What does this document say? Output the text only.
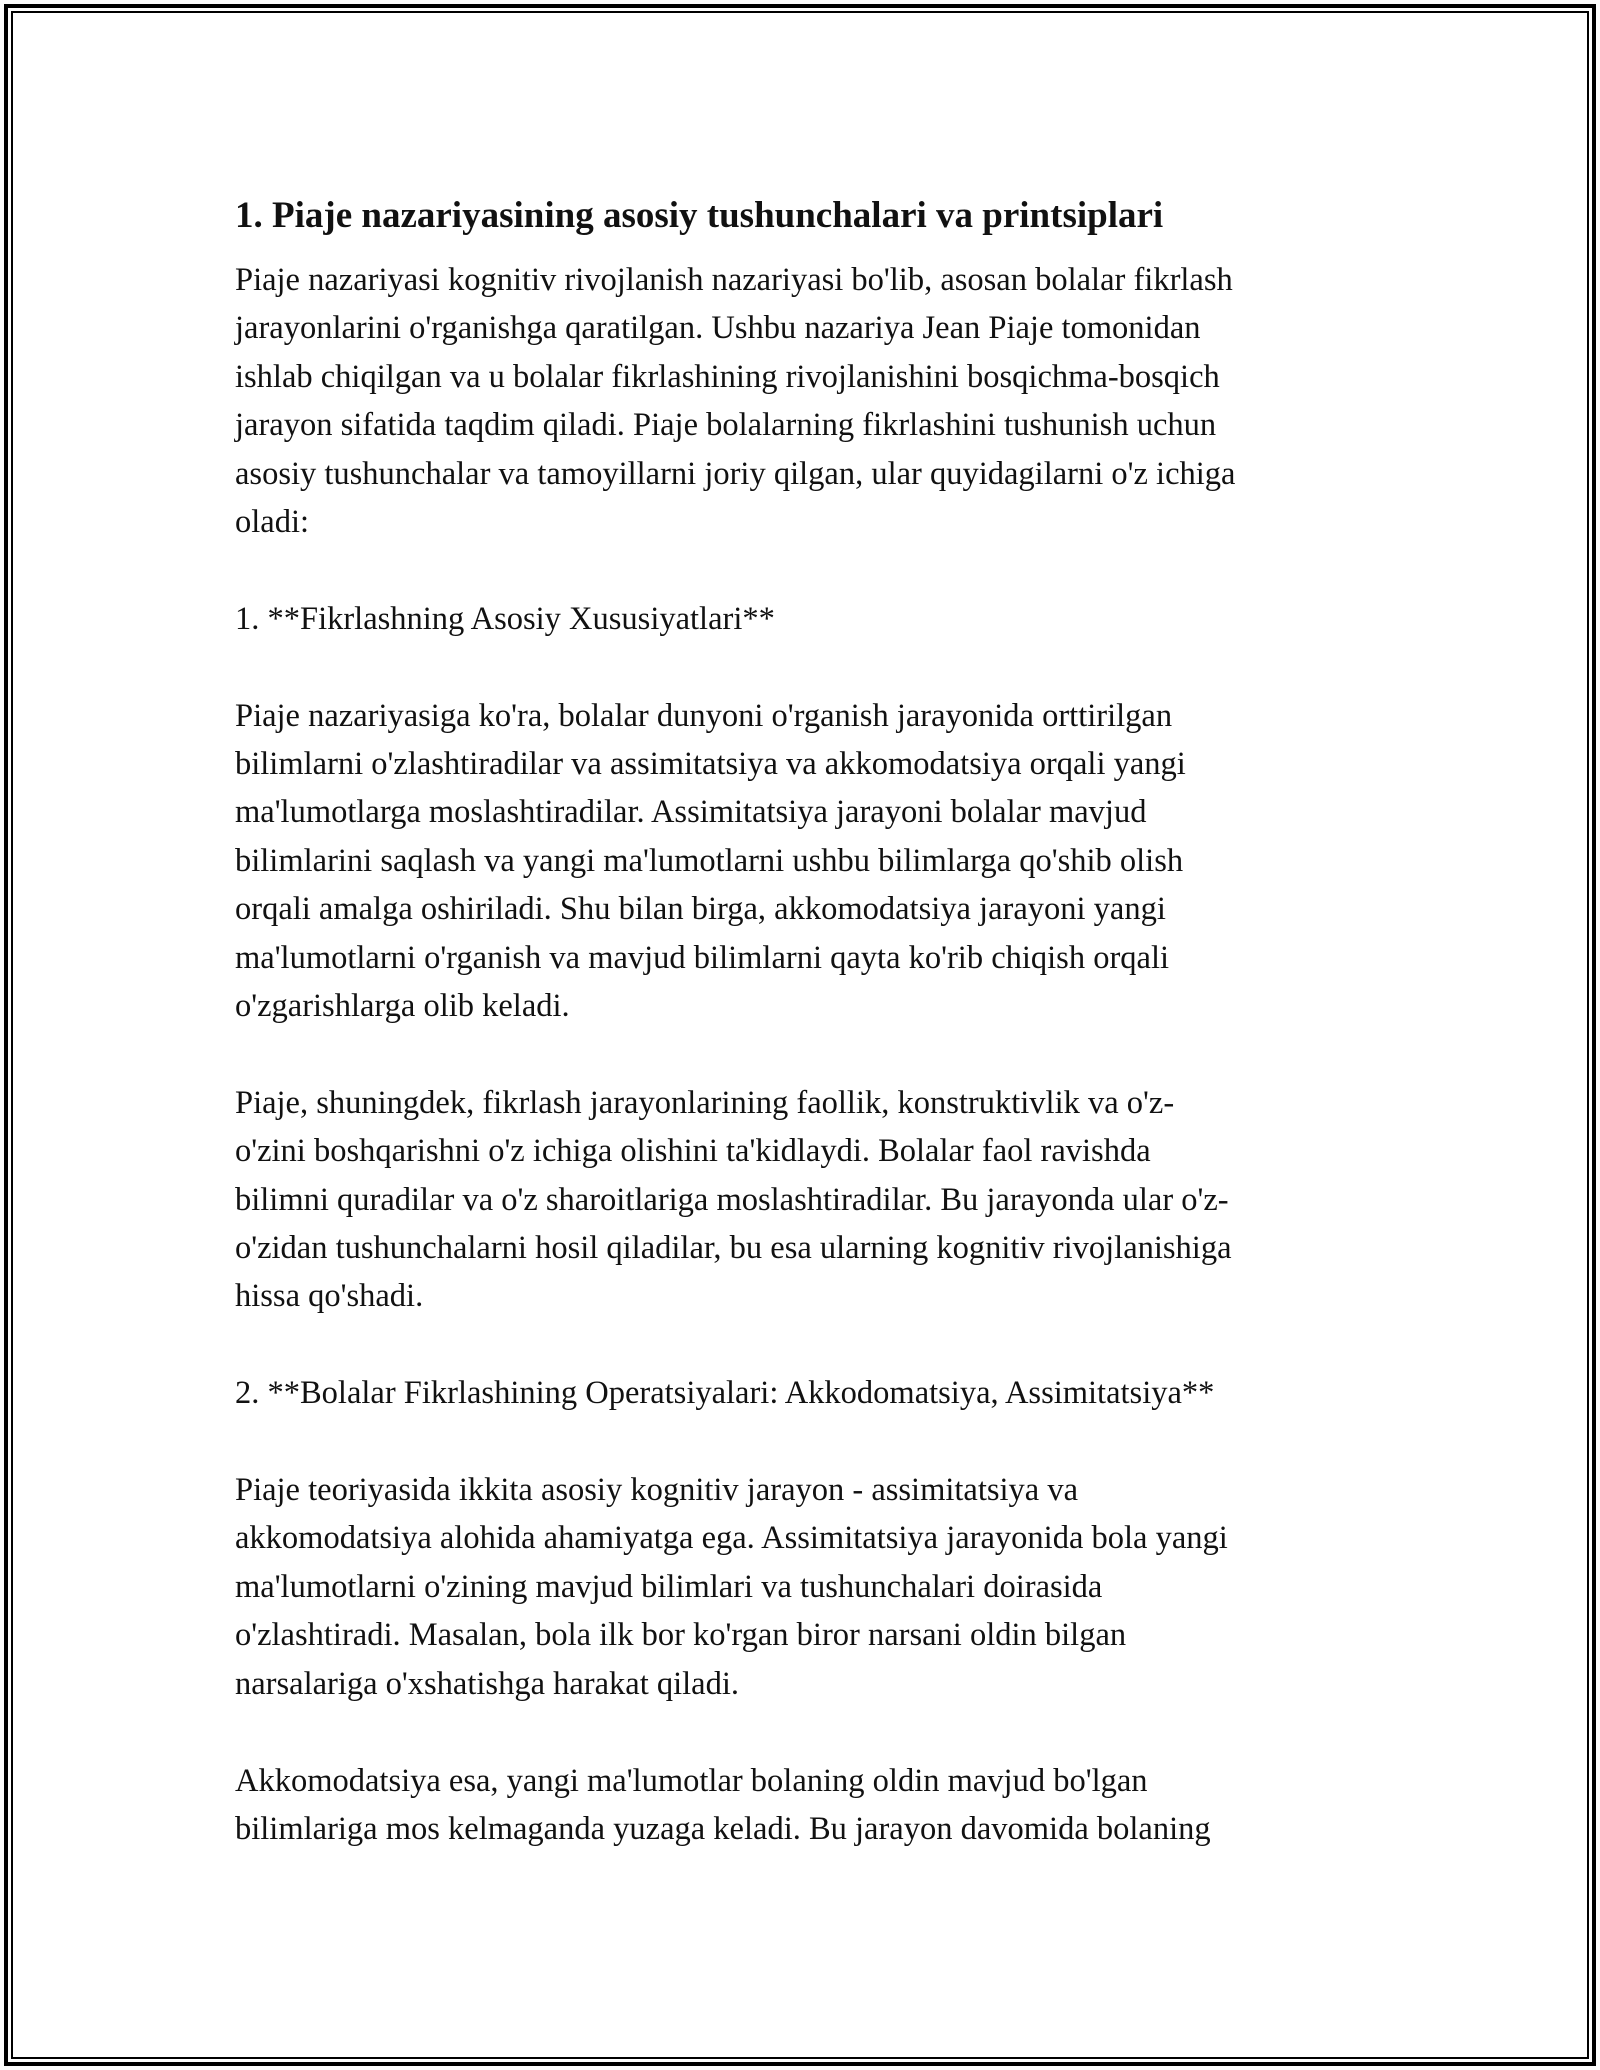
1. Piaje nazariyasining asosiy tushunchalari va printsiplari

Piaje nazariyasi kognitiv rivojlanish nazariyasi bo'lib, asosan bolalar fikrlash
jarayonlarini o'rganishga qaratilgan. Ushbu nazariya Jean Piaje tomonidan
ishlab chiqilgan va u bolalar fikrlashining rivojlanishini bosqichma-bosqich
jarayon sifatida taqdim qiladi. Piaje bolalarning fikrlashini tushunish uchun
asosiy tushunchalar va tamoyillarni joriy qilgan, ular quyidagilarni o'z ichiga
oladi:

1. **Fikrlashning Asosiy Xususiyatlari**

Piaje nazariyasiga ko'ra, bolalar dunyoni o'rganish jarayonida orttirilgan
bilimlarni o'zlashtiradilar va assimitatsiya va akkomodatsiya orqali yangi
ma'lumotlarga moslashtiradilar. Assimitatsiya jarayoni bolalar mavjud
bilimlarini saqlash va yangi ma'lumotlarni ushbu bilimlarga qo'shib olish
orqali amalga oshiriladi. Shu bilan birga, akkomodatsiya jarayoni yangi
ma'lumotlarni o'rganish va mavjud bilimlarni qayta ko'rib chiqish orqali
o'zgarishlarga olib keladi.

Piaje, shuningdek, fikrlash jarayonlarining faollik, konstruktivlik va o'z-
o'zini boshqarishni o'z ichiga olishini ta'kidlaydi. Bolalar faol ravishda
bilimni quradilar va o'z sharoitlariga moslashtiradilar. Bu jarayonda ular o'z-
o'zidan tushunchalarni hosil qiladilar, bu esa ularning kognitiv rivojlanishiga
hissa qo'shadi.

2. **Bolalar Fikrlashining Operatsiyalari: Akkodomatsiya, Assimitatsiya**

Piaje teoriyasida ikkita asosiy kognitiv jarayon - assimitatsiya va
akkomodatsiya alohida ahamiyatga ega. Assimitatsiya jarayonida bola yangi
ma'lumotlarni o'zining mavjud bilimlari va tushunchalari doirasida
o'zlashtiradi. Masalan, bola ilk bor ko'rgan biror narsani oldin bilgan
narsalariga o'xshatishga harakat qiladi.

Akkomodatsiya esa, yangi ma'lumotlar bolaning oldin mavjud bo'lgan
bilimlariga mos kelmaganda yuzaga keladi. Bu jarayon davomida bolaning
